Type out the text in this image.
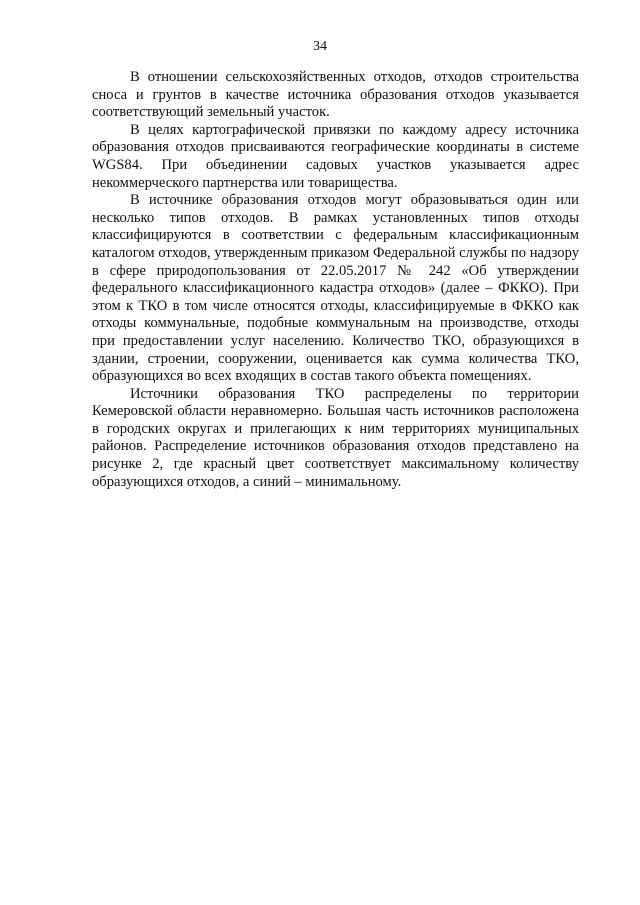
34

В отношении сельскохозяйственных отходов, отходов строительства сноса и грунтов в качестве источника образования отходов указывается соответствующий земельный участок.

В целях картографической привязки по каждому адресу источника образования отходов присваиваются географические координаты в системе WGS84. При объединении садовых участков указывается адрес некоммерческого партнерства или товарищества.

В источнике образования отходов могут образовываться один или несколько типов отходов. В рамках установленных типов отходы классифицируются в соответствии с федеральным классификационным каталогом отходов, утвержденным приказом Федеральной службы по надзору в сфере природопользования от 22.05.2017 № 242 «Об утверждении федерального классификационного кадастра отходов» (далее – ФККО). При этом к ТКО в том числе относятся отходы, классифицируемые в ФККО как отходы коммунальные, подобные коммунальным на производстве, отходы при предоставлении услуг населению. Количество ТКО, образующихся в здании, строении, сооружении, оценивается как сумма количества ТКО, образующихся во всех входящих в состав такого объекта помещениях.

Источники образования ТКО распределены по территории Кемеровской области неравномерно. Большая часть источников расположена в городских округах и прилегающих к ним территориях муниципальных районов. Распределение источников образования отходов представлено на рисунке 2, где красный цвет соответствует максимальному количеству образующихся отходов, а синий – минимальному.
